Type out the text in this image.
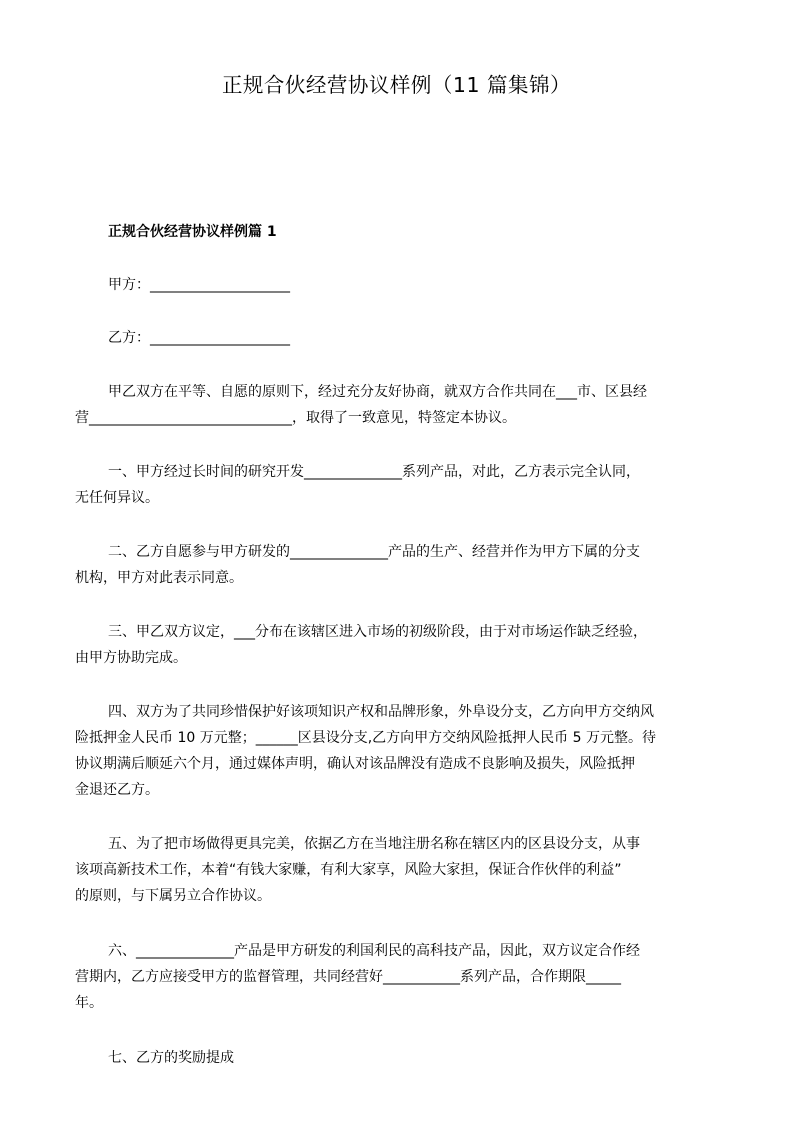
正规合伙经营协议样例（11 篇集锦）
正规合伙经营协议样例篇 1
甲方：____________________
乙方：____________________
甲乙双方在平等、自愿的原则下，经过充分友好协商，就双方合作共同在___市、区县经
营_____________________________，取得了一致意见，特签定本协议。
一、甲方经过长时间的研究开发______________系列产品，对此，乙方表示完全认同，
无任何异议。
二、乙方自愿参与甲方研发的______________产品的生产、经营并作为甲方下属的分支
机构，甲方对此表示同意。
三、甲乙双方议定，___分布在该辖区进入市场的初级阶段，由于对市场运作缺乏经验，
由甲方协助完成。
四、双方为了共同珍惜保护好该项知识产权和品牌形象，外阜设分支，乙方向甲方交纳风
险抵押金人民币 10 万元整；______区县设分支,乙方向甲方交纳风险抵押人民币 5 万元整。待
协议期满后顺延六个月，通过媒体声明，确认对该品牌没有造成不良影响及损失，风险抵押
金退还乙方。
五、为了把市场做得更具完美，依据乙方在当地注册名称在辖区内的区县设分支，从事
该项高新技术工作，本着“有钱大家赚，有利大家享，风险大家担，保证合作伙伴的利益”
的原则，与下属另立合作协议。
六、______________产品是甲方研发的利国利民的高科技产品，因此，双方议定合作经
营期内，乙方应接受甲方的监督管理，共同经营好___________系列产品，合作期限_____
年。
七、乙方的奖励提成
